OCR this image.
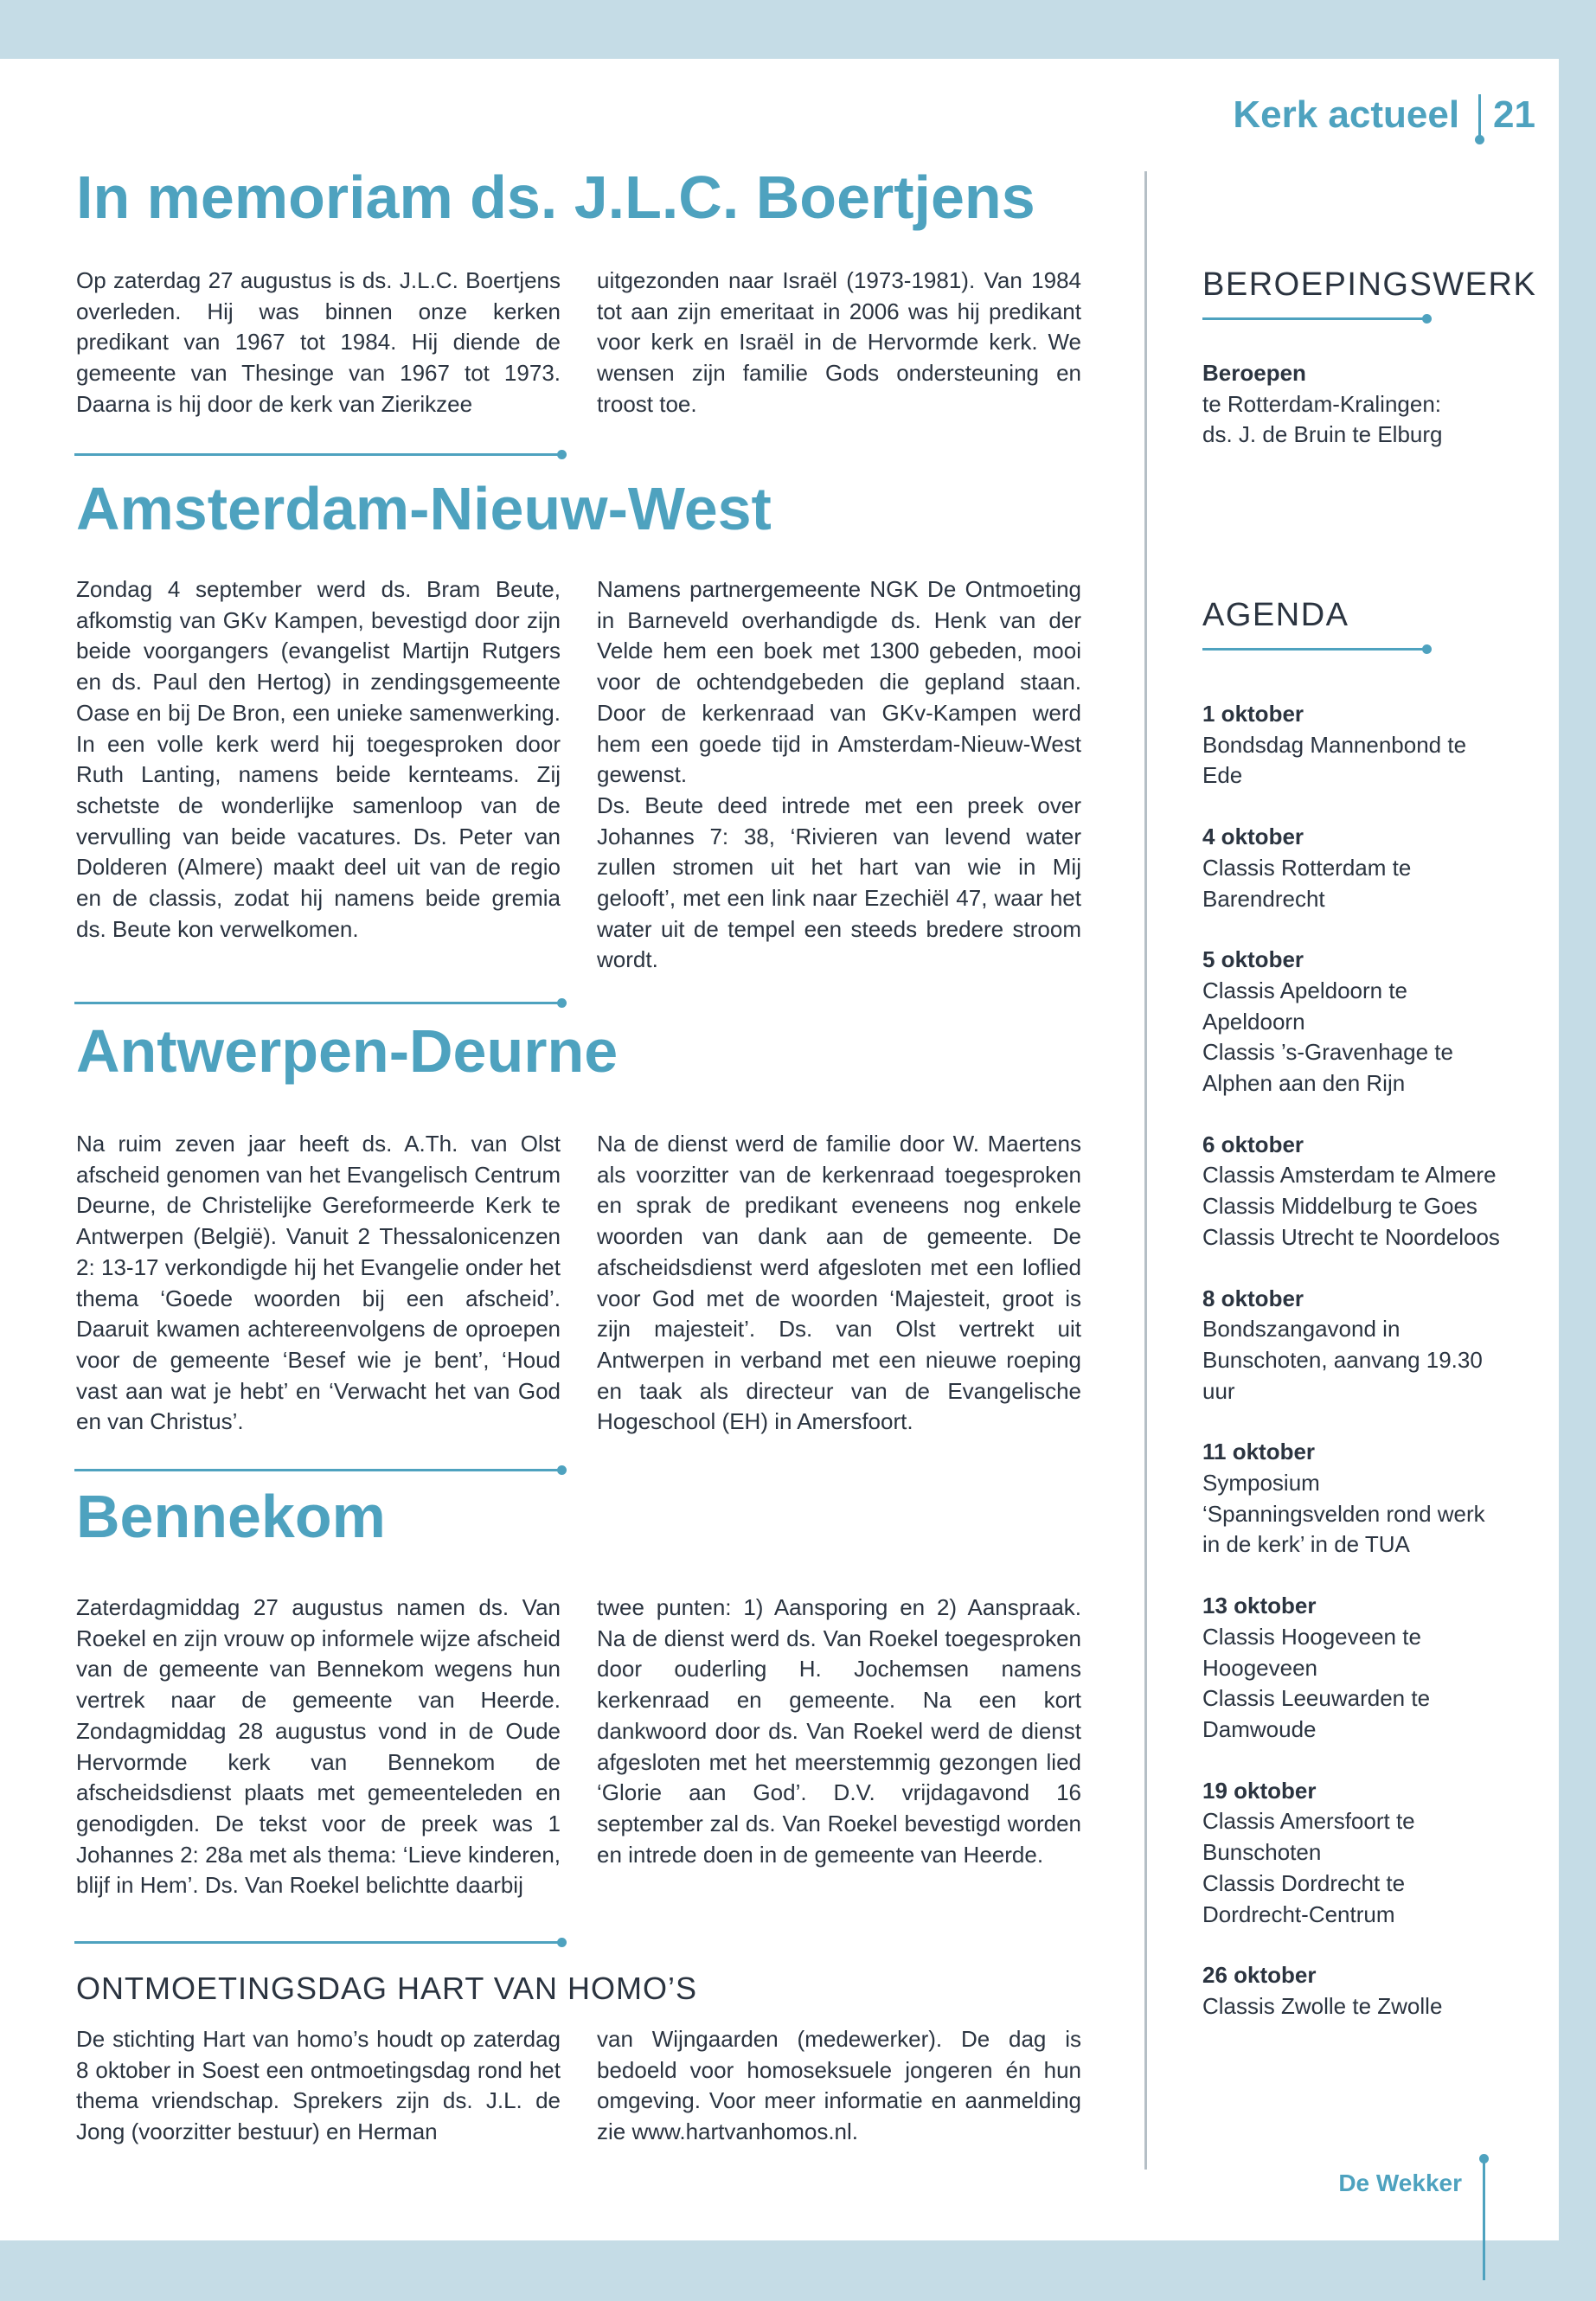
Kerk actueel 21
In memoriam ds. J.L.C. Boertjens

Op zaterdag 27 augustus is ds. J.L.C. Boertjens overleden. Hij was binnen onze kerken predikant van 1967 tot 1984. Hij diende de gemeente van Thesinge van 1967 tot 1973. Daarna is hij door de kerk van Zierikzee

uitgezonden naar Israël (1973-1981). Van 1984 tot aan zijn emeritaat in 2006 was hij predikant voor kerk en Israël in de Hervormde kerk. We wensen zijn familie Gods ondersteuning en troost toe.

Amsterdam-Nieuw-West

Zondag 4 september werd ds. Bram Beute, afkomstig van GKv Kampen, bevestigd door zijn beide voorgangers (evangelist Martijn Rutgers en ds. Paul den Hertog) in zendingsgemeente Oase en bij De Bron, een unieke samenwerking. In een volle kerk werd hij toegesproken door Ruth Lanting, namens beide kernteams. Zij schetste de wonderlijke samenloop van de vervulling van beide vacatures. Ds. Peter van Dolderen (Almere) maakt deel uit van de regio en de classis, zodat hij namens beide gremia ds. Beute kon verwelkomen.

Namens partnergemeente NGK De Ontmoeting in Barneveld overhandigde ds. Henk van der Velde hem een boek met 1300 gebeden, mooi voor de ochtendgebeden die gepland staan. Door de kerkenraad van GKv-Kampen werd hem een goede tijd in Amsterdam-Nieuw-West gewenst.
Ds. Beute deed intrede met een preek over Johannes 7: 38, ‘Rivieren van levend water zullen stromen uit het hart van wie in Mij gelooft’, met een link naar Ezechiël 47, waar het water uit de tempel een steeds bredere stroom wordt.
Antwerpen-Deurne

Na ruim zeven jaar heeft ds. A.Th. van Olst afscheid genomen van het Evangelisch Centrum Deurne, de Christelijke Gereformeerde Kerk te Antwerpen (België). Vanuit 2 Thessalonicenzen 2: 13-17 verkondigde hij het Evangelie onder het thema ‘Goede woorden bij een afscheid’. Daaruit kwamen achtereenvolgens de oproepen voor de gemeente ‘Besef wie je bent’, ‘Houd vast aan wat je hebt’ en ‘Verwacht het van God en van Christus’.

Na de dienst werd de familie door W. Maertens als voorzitter van de kerkenraad toegesproken en sprak de predikant eveneens nog enkele woorden van dank aan de gemeente. De afscheidsdienst werd afgesloten met een loflied voor God met de woorden ‘Majesteit, groot is zijn majesteit’. Ds. van Olst vertrekt uit Antwerpen in verband met een nieuwe roeping en taak als directeur van de Evangelische Hogeschool (EH) in Amersfoort.

Bennekom

Zaterdagmiddag 27 augustus namen ds. Van Roekel en zijn vrouw op informele wijze afscheid van de gemeente van Bennekom wegens hun vertrek naar de gemeente van Heerde. Zondagmiddag 28 augustus vond in de Oude Hervormde kerk van Bennekom de afscheidsdienst plaats met gemeenteleden en genodigden. De tekst voor de preek was 1 Johannes 2: 28a met als thema: ‘Lieve kinderen, blijf in Hem’. Ds. Van Roekel belichtte daarbij

twee punten: 1) Aansporing en 2) Aanspraak. Na de dienst werd ds. Van Roekel toegesproken door ouderling H. Jochemsen namens kerkenraad en gemeente. Na een kort dankwoord door ds. Van Roekel werd de dienst afgesloten met het meerstemmig gezongen lied ‘Glorie aan God’. D.V. vrijdagavond 16 september zal ds. Van Roekel bevestigd worden en intrede doen in de gemeente van Heerde.

ONTMOETINGSDAG HART VAN HOMO’S

De stichting Hart van homo’s houdt op zaterdag 8 oktober in Soest een ontmoetingsdag rond het thema vriendschap. Sprekers zijn ds. J.L. de Jong (voorzitter bestuur) en Herman

van Wijngaarden (medewerker). De dag is bedoeld voor homoseksuele jongeren én hun omgeving. Voor meer informatie en aanmelding zie www.hartvanhomos.nl.

BEROEPINGSWERK
Beroepen
te Rotterdam-Kralingen:
ds. J. de Bruin te Elburg
AGENDA
1 oktober
Bondsdag Mannenbond te
Ede
4 oktober
Classis Rotterdam te
Barendrecht
5 oktober
Classis Apeldoorn te
Apeldoorn
Classis ’s-Gravenhage te
Alphen aan den Rijn
6 oktober
Classis Amsterdam te Almere
Classis Middelburg te Goes
Classis Utrecht te Noordeloos
8 oktober
Bondszangavond in
Bunschoten, aanvang 19.30
uur
11 oktober
Symposium
‘Spanningsvelden rond werk
in de kerk’ in de TUA
13 oktober
Classis Hoogeveen te
Hoogeveen
Classis Leeuwarden te
Damwoude
19 oktober
Classis Amersfoort te
Bunschoten
Classis Dordrecht te
Dordrecht-Centrum
26 oktober
Classis Zwolle te Zwolle
De Wekker
